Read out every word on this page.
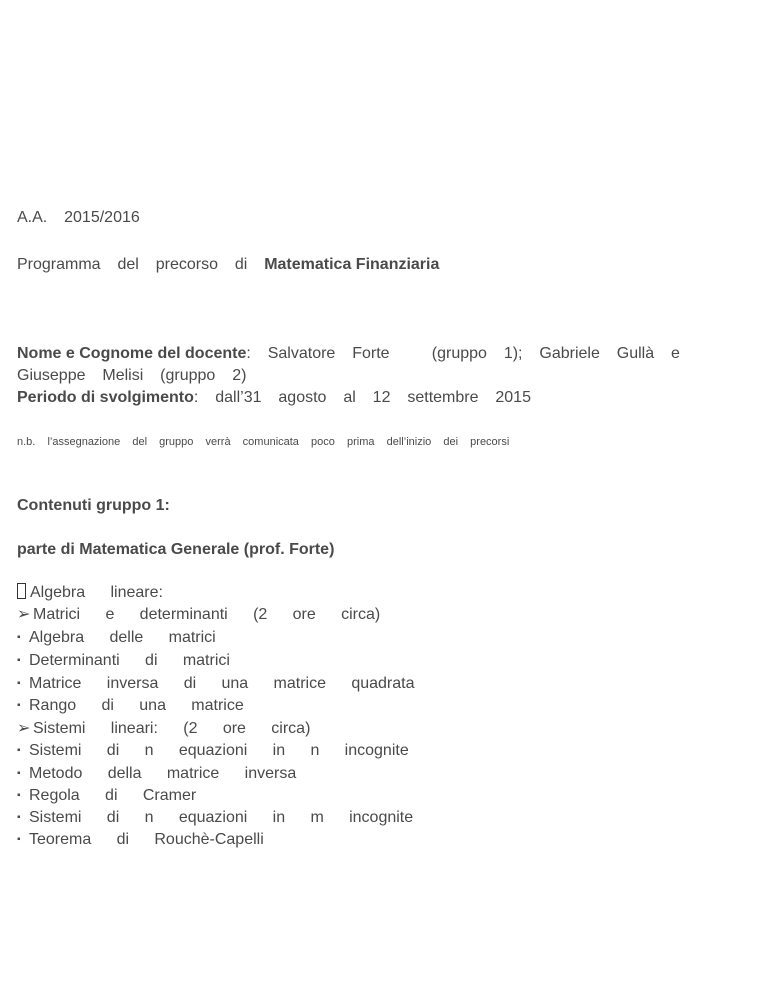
A.A.  2015/2016
Programma  del  precorso  di  Matematica Finanziaria
Nome e Cognome del docente:  Salvatore  Forte     (gruppo  1);  Gabriele  Gullà  e
Giuseppe  Melisi  (gruppo  2)
Periodo di svolgimento:  dall’31  agosto  al  12  settembre  2015
n.b.  l’assegnazione  del  gruppo  verrà  comunicata  poco  prima  dell’inizio  dei  precorsi
Contenuti gruppo 1:
parte di Matematica Generale (prof. Forte)
Algebra   lineare:
➢ Matrici   e   determinanti   (2   ore   circa)
▪ Algebra   delle   matrici
▪ Determinanti   di   matrici
▪ Matrice   inversa   di   una   matrice   quadrata
▪ Rango   di   una   matrice
➢ Sistemi   lineari:   (2   ore   circa)
▪ Sistemi   di   n   equazioni   in   n   incognite
▪ Metodo   della   matrice   inversa
▪ Regola   di   Cramer
▪ Sistemi   di   n   equazioni   in   m   incognite
▪ Teorema   di   Rouchè-Capelli
